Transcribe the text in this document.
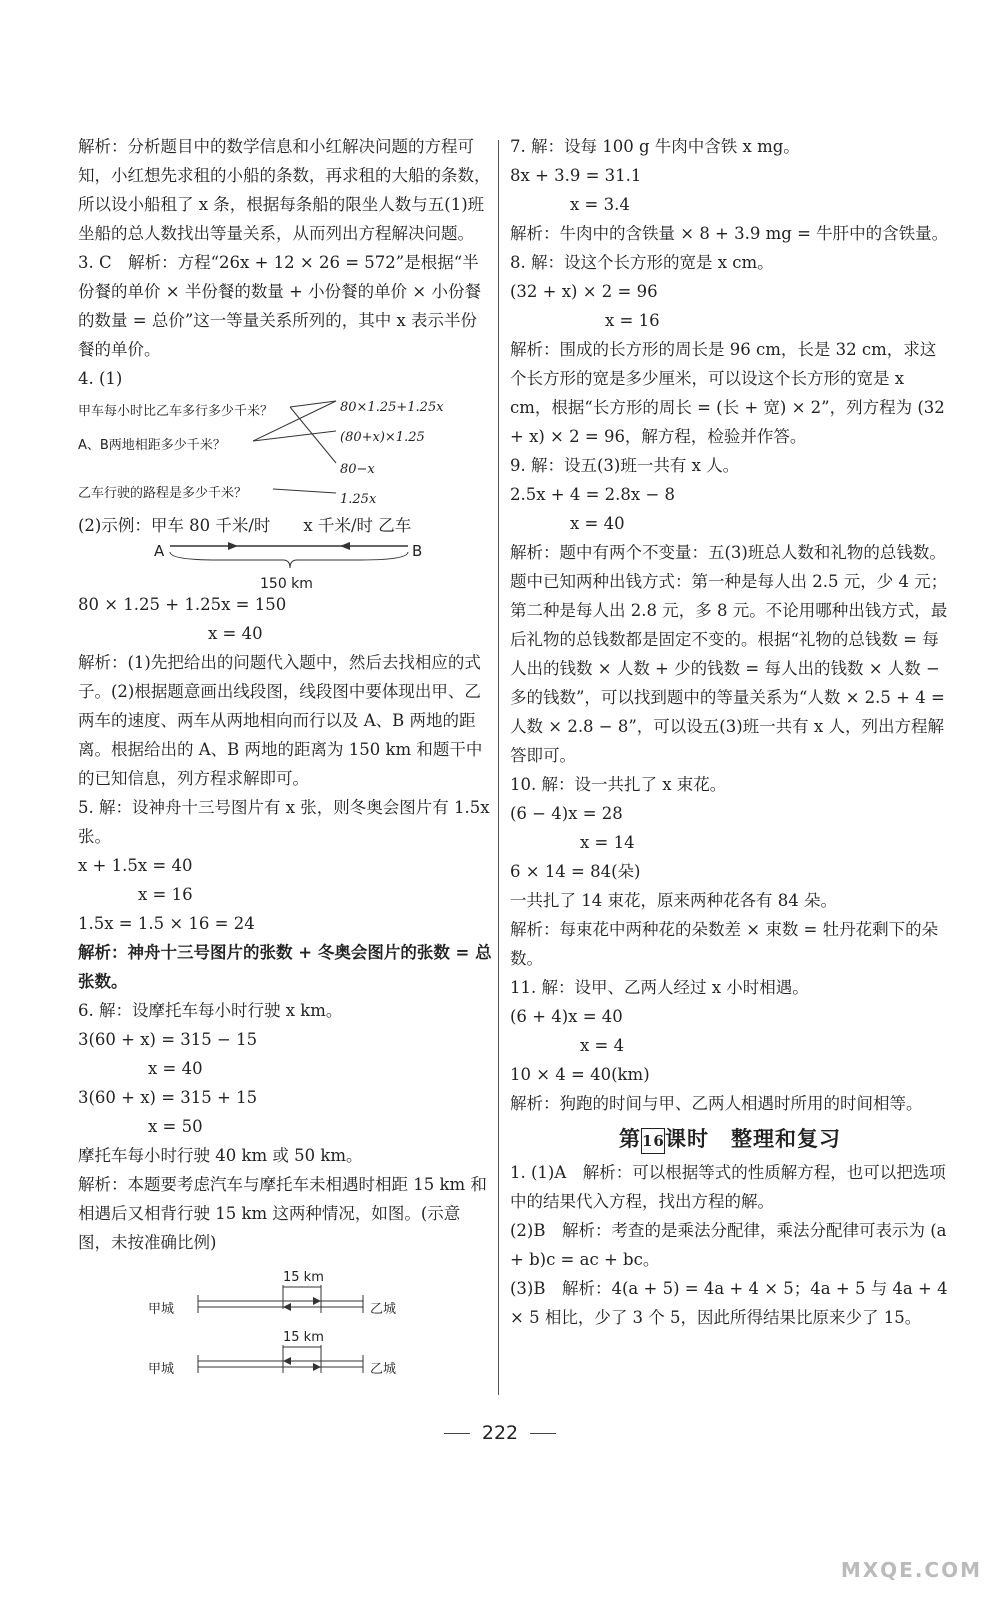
解析：分析题目中的数学信息和小红解决问题的方程可知，小红想先求租的小船的条数，再求租的大船的条数，所以设小船租了 x 条，根据每条船的限坐人数与五(1)班坐船的总人数找出等量关系，从而列出方程解决问题。

3. C　解析：方程“26x + 12 × 26 = 572”是根据“半份餐的单价 × 半份餐的数量 + 小份餐的单价 × 小份餐的数量 = 总价”这一等量关系所列的，其中 x 表示半份餐的单价。

4. (1)

甲车每小时比乙车多行多少千米？
A、B两地相距多少千米？
乙车行驶的路程是多少千米？
80×1.25+1.25x
(80+x)×1.25
80−x
1.25x

(2)示例：甲车 80 千米/时　　x 千米/时 乙车

A	B
150 km

80 × 1.25 + 1.25x = 150

x = 40

解析：(1)先把给出的问题代入题中，然后去找相应的式子。(2)根据题意画出线段图，线段图中要体现出甲、乙两车的速度、两车从两地相向而行以及 A、B 两地的距离。根据给出的 A、B 两地的距离为 150 km 和题干中的已知信息，列方程求解即可。

5. 解：设神舟十三号图片有 x 张，则冬奥会图片有 1.5x张。

x + 1.5x = 40

x = 16

1.5x = 1.5 × 16 = 24

解析：神舟十三号图片的张数 + 冬奥会图片的张数 = 总张数。

6. 解：设摩托车每小时行驶 x km。

3(60 + x) = 315 − 15

x = 40

3(60 + x) = 315 + 15

x = 50

摩托车每小时行驶 40 km 或 50 km。

解析：本题要考虑汽车与摩托车未相遇时相距 15 km 和相遇后又相背行驶 15 km 这两种情况，如图。(示意图，未按准确比例)

15 km
甲城	乙城
15 km
甲城	乙城

7. 解：设每 100 g 牛肉中含铁 x mg。

8x + 3.9 = 31.1

x = 3.4

解析：牛肉中的含铁量 × 8 + 3.9 mg = 牛肝中的含铁量。

8. 解：设这个长方形的宽是 x cm。

(32 + x) × 2 = 96

x = 16

解析：围成的长方形的周长是 96 cm，长是 32 cm，求这个长方形的宽是多少厘米，可以设这个长方形的宽是 x cm，根据“长方形的周长 = (长 + 宽) × 2”，列方程为 (32 + x) × 2 = 96，解方程，检验并作答。

9. 解：设五(3)班一共有 x 人。

2.5x + 4 = 2.8x − 8

x = 40

解析：题中有两个不变量：五(3)班总人数和礼物的总钱数。题中已知两种出钱方式：第一种是每人出 2.5 元，少 4 元；第二种是每人出 2.8 元，多 8 元。不论用哪种出钱方式，最后礼物的总钱数都是固定不变的。根据“礼物的总钱数 = 每人出的钱数 × 人数 + 少的钱数 = 每人出的钱数 × 人数 − 多的钱数”，可以找到题中的等量关系为“人数 × 2.5 + 4 = 人数 × 2.8 − 8”，可以设五(3)班一共有 x 人，列出方程解答即可。

10. 解：设一共扎了 x 束花。

(6 − 4)x = 28

x = 14

6 × 14 = 84(朵)

一共扎了 14 束花，原来两种花各有 84 朵。

解析：每束花中两种花的朵数差 × 束数 = 牡丹花剩下的朵数。

11. 解：设甲、乙两人经过 x 小时相遇。

(6 + 4)x = 40

x = 4

10 × 4 = 40(km)

解析：狗跑的时间与甲、乙两人相遇时所用的时间相等。

第16课时　整理和复习

1. (1)A　解析：可以根据等式的性质解方程，也可以把选项中的结果代入方程，找出方程的解。

(2)B　解析：考查的是乘法分配律，乘法分配律可表示为 (a + b)c = ac + bc。

(3)B　解析：4(a + 5) = 4a + 4 × 5；4a + 5 与 4a + 4 × 5 相比，少了 3 个 5，因此所得结果比原来少了 15。

222
MXQE.COM
